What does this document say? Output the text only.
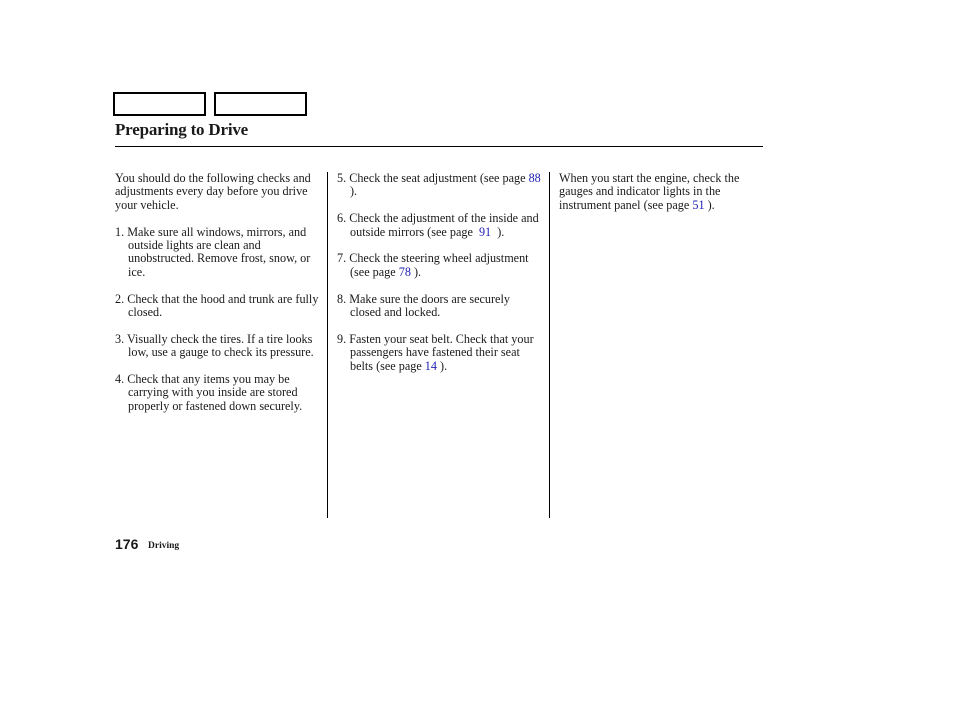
Preparing to Drive

You should do the following checks and adjustments every day before you drive your vehicle.

1. Make sure all windows, mirrors, and outside lights are clean and unobstructed. Remove frost, snow, or ice.
2. Check that the hood and trunk are fully closed.
3. Visually check the tires. If a tire looks low, use a gauge to check its pressure.
4. Check that any items you may be carrying with you inside are stored properly or fastened down securely.
5. Check the seat adjustment (see page 88 ).
6. Check the adjustment of the inside and outside mirrors (see page  91  ).
7. Check the steering wheel adjustment (see page 78 ).
8. Make sure the doors are securely closed and locked.
9. Fasten your seat belt. Check that your passengers have fastened their seat belts (see page 14 ).

When you start the engine, check the gauges and indicator lights in the instrument panel (see page 51 ).

176 Driving
